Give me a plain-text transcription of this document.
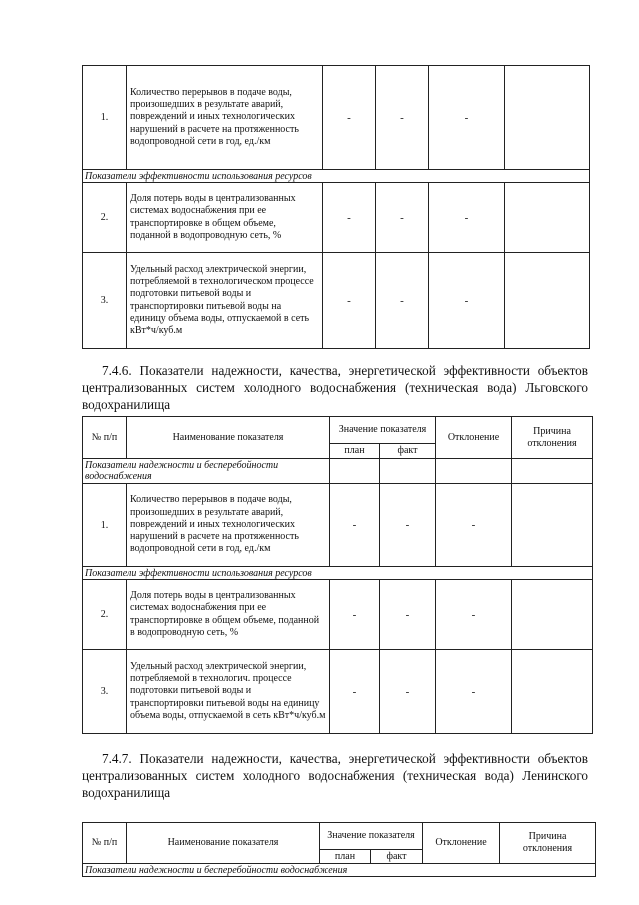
1.	Количество перерывов в подаче воды, произошедших в результате аварий, повреждений и иных технологических нарушений в расчете на протяженность водопроводной сети в год, ед./км	-	-	-	
Показатели эффективности использования ресурсов					
2.	Доля потерь воды в централизованных системах водоснабжения при ее транспортировке в общем объеме, поданной в водопроводную сеть, %	-	-	-	
3.	Удельный расход электрической энергии, потребляемой в технологическом процессе подготовки питьевой воды и транспортировки питьевой воды на единицу объема воды, отпускаемой в сеть кВт*ч/куб.м	-	-	-	
7.4.6. Показатели надежности, качества, энергетической эффективности объектов централизованных систем холодного водоснабжения (техническая вода) Льговского водохранилища
№ п/п	Наименование показателя	Значение показателя		Отклонение	Причина отклонения
		план	факт		
Показатели надежности и бесперебойности водоснабжения					
1.	Количество перерывов в подаче воды, произошедших в результате аварий, повреждений и иных технологических нарушений в расчете на протяженность водопроводной сети в год, ед./км	-	-	-	
Показатели эффективности использования ресурсов					
2.	Доля потерь воды в централизованных системах водоснабжения при ее транспортировке в общем объеме, поданной в водопроводную сеть, %	-	-	-	
3.	Удельный расход электрической энергии, потребляемой в технологич. процессе подготовки питьевой воды и транспортировки питьевой воды на единицу объема воды, отпускаемой в сеть кВт*ч/куб.м	-	-	-	
7.4.7. Показатели надежности, качества, энергетической эффективности объектов централизованных систем холодного водоснабжения (техническая вода) Ленинского водохранилища
№ п/п	Наименование показателя	Значение показателя		Отклонение	Причина отклонения
		план	факт		
Показатели надежности и бесперебойности водоснабжения					
